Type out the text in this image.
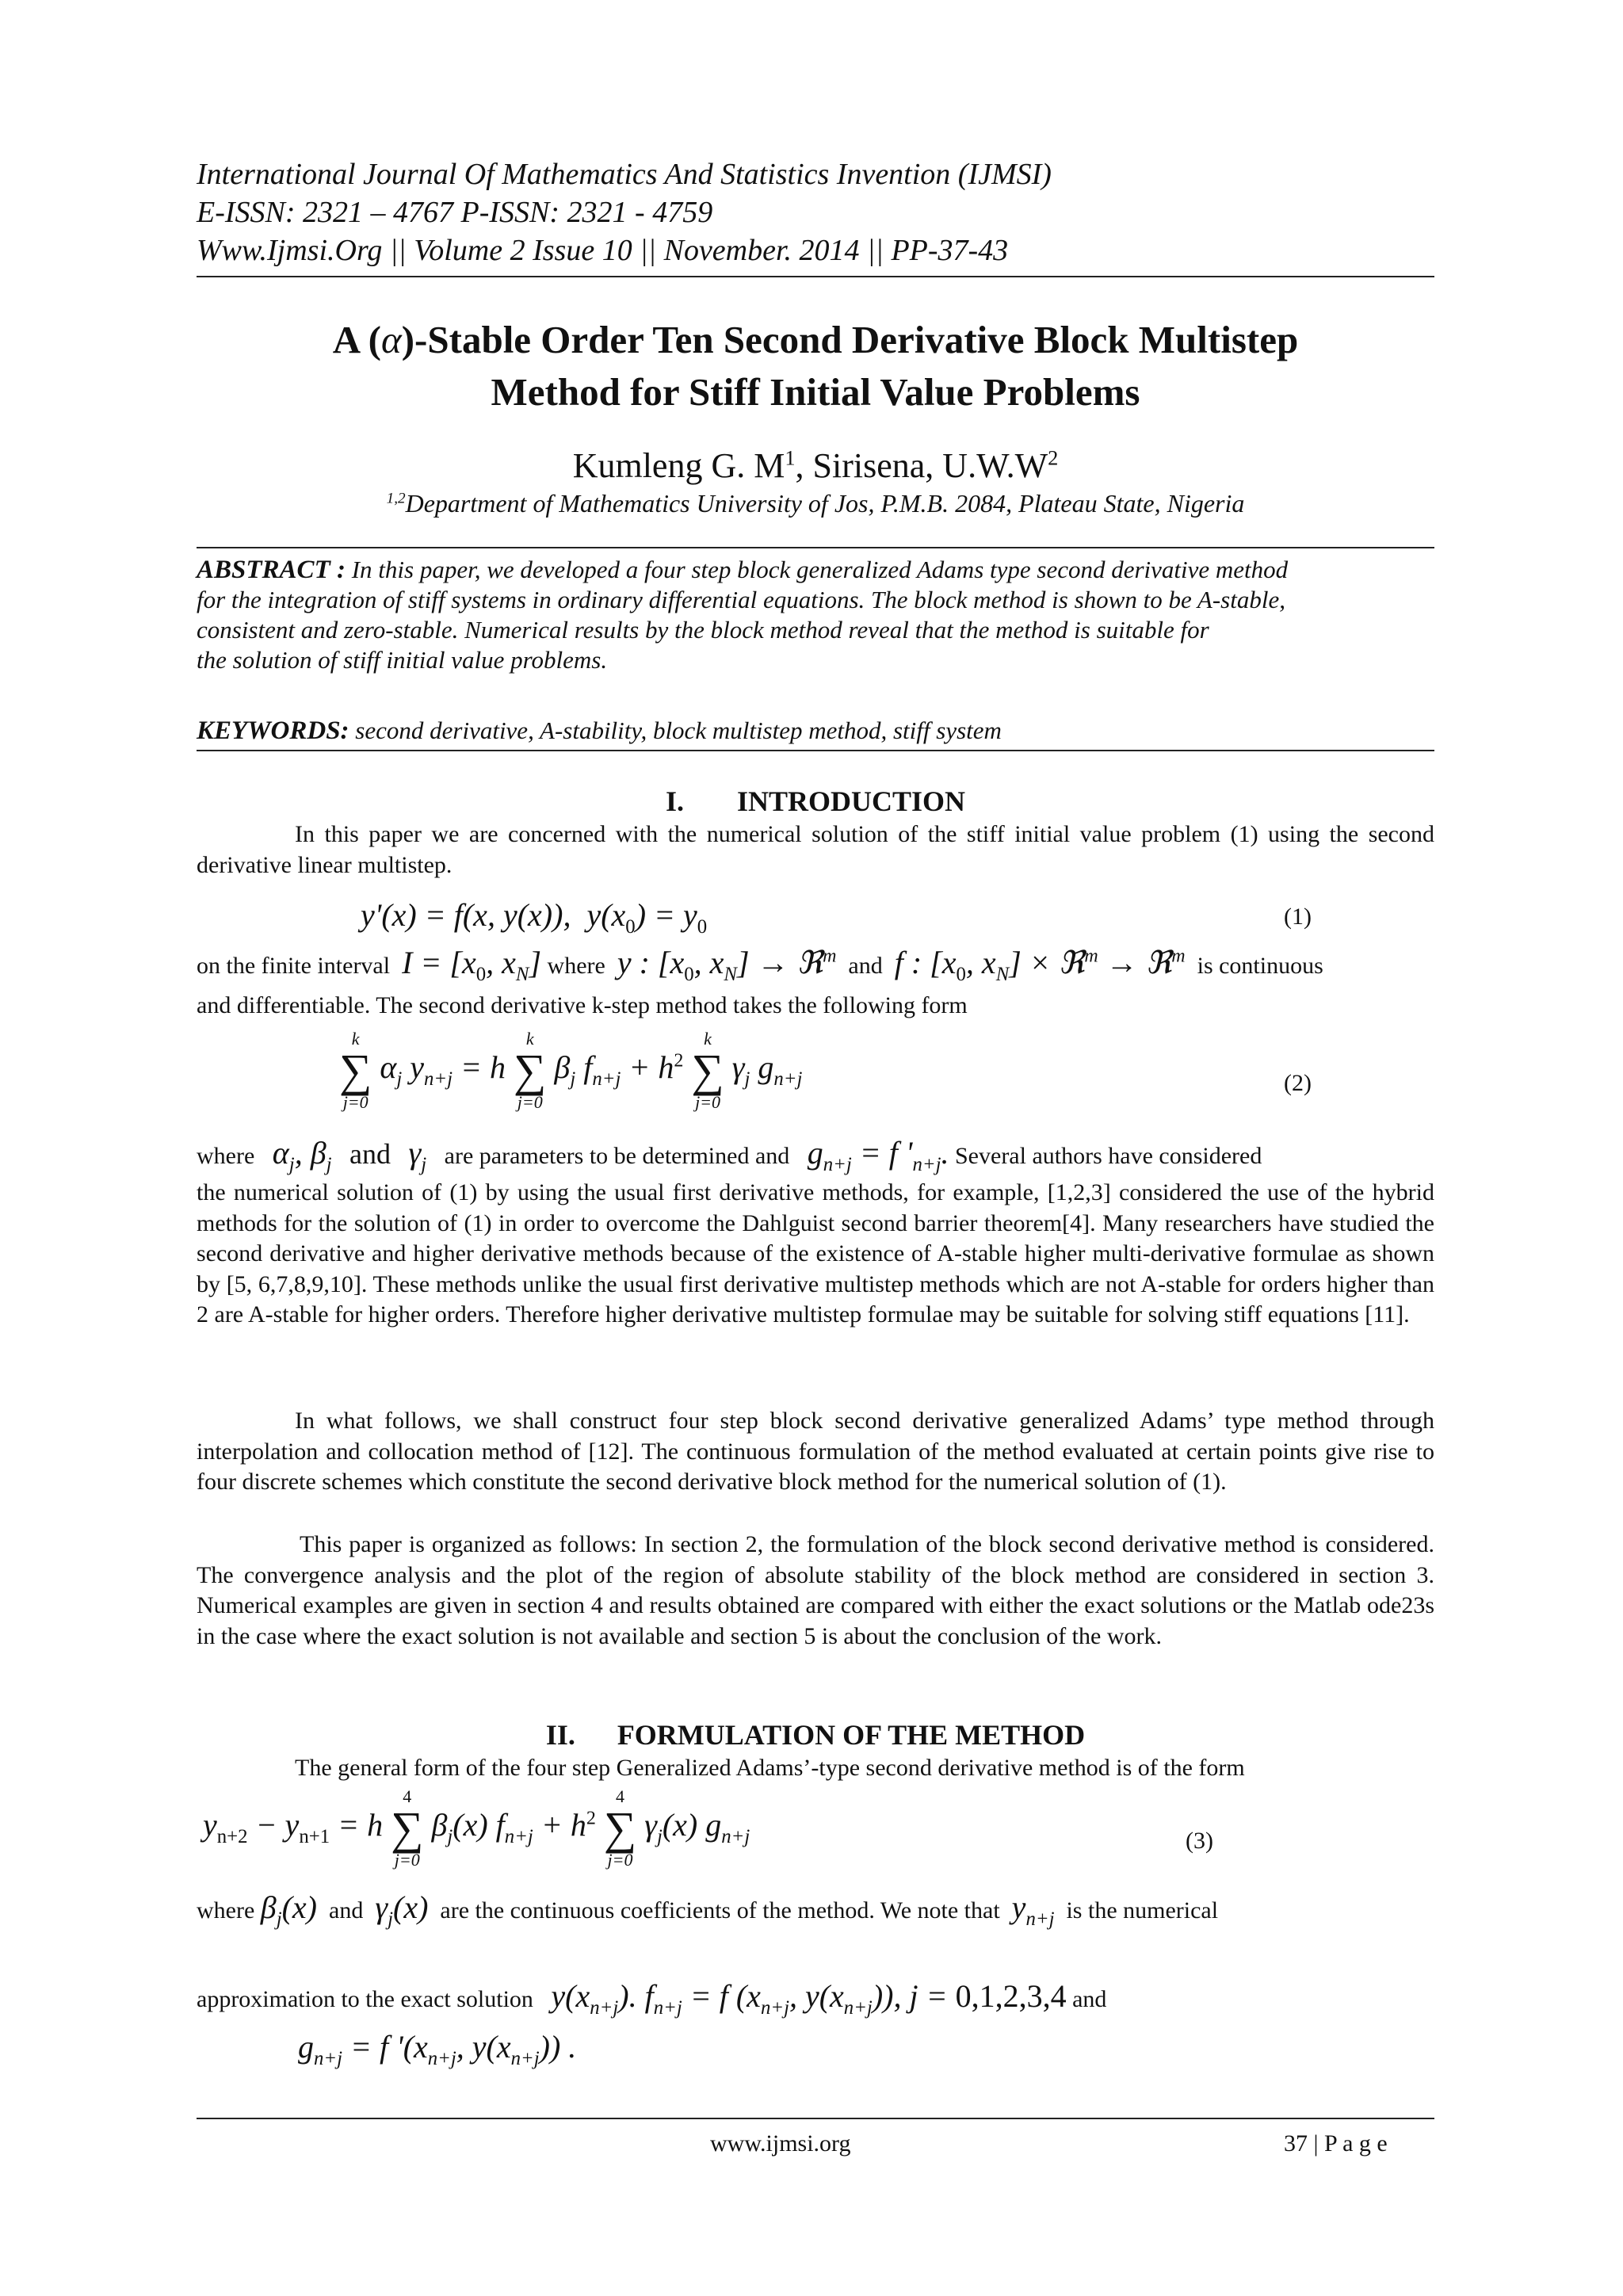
International Journal Of Mathematics And Statistics Invention (IJMSI)
E-ISSN: 2321 – 4767 P-ISSN: 2321 - 4759
Www.Ijmsi.Org || Volume 2 Issue 10 || November. 2014 || PP-37-43
A (α)-Stable Order Ten Second Derivative Block Multistep
Method for Stiff Initial Value Problems
Kumleng G. $M^1$, Sirisena, $U.W.W^2$
$^{1,2}$Department of Mathematics University of Jos, P.M.B. 2084, Plateau State, Nigeria
ABSTRACT : In this paper, we developed a four step block generalized Adams type second derivative method
for the integration of stiff systems in ordinary differential equations. The block method is shown to be A-stable,
consistent and zero-stable. Numerical results by the block method reveal that the method is suitable for
the solution of stiff initial value problems.
KEYWORDS: second derivative, A-stability, block multistep method, stiff system
I. INTRODUCTION
In this paper we are concerned with the numerical solution of the stiff initial value problem (1) using the second derivative linear multistep.
y'(x) = f(x, y(x)),  $y(x_0) = y_0$	(1)
on the finite interval $I = [x_0$, $x_N$] where y : [$x_0$, $x_N$] → ℜ$^m$ and f : [$x_0$, $x_N$] × ℜ$^m$ → ℜ$^m$ is continuous
and differentiable. The second derivative k-step method takes the following form
k
∑
j=0
$\alpha_j$ $y_{n+j} = h$
k
∑
j=0
$\beta_j$ $f_{n+j} + h^2$
k
∑
j=0
$\gamma_j$ $g_{n+j}$	(2)
where $\alpha_j$, $\beta_j$ and $\gamma_j$ are parameters to be determined and $g_{n+j} = f$ '$_{n+j}$. Several authors have considered
the numerical solution of (1) by using the usual first derivative methods, for example, [1,2,3] considered the use of the hybrid methods for the solution of (1) in order to overcome the Dahlguist second barrier theorem[4]. Many researchers have studied the second derivative and higher derivative methods because of the existence of A-stable higher multi-derivative formulae as shown by [5, 6,7,8,9,10]. These methods unlike the usual first derivative multistep methods which are not A-stable for orders higher than 2 are A-stable for higher orders. Therefore higher derivative multistep formulae may be suitable for solving stiff equations [11].
In what follows, we shall construct four step block second derivative generalized Adams’ type method through interpolation and collocation method of [12]. The continuous formulation of the method evaluated at certain points give rise to four discrete schemes which constitute the second derivative block method for the numerical solution of (1).
This paper is organized as follows: In section 2, the formulation of the block second derivative method is considered. The convergence analysis and the plot of the region of absolute stability of the block method are considered in section 3. Numerical examples are given in section 4 and results obtained are compared with either the exact solutions or the Matlab ode23s in the case where the exact solution is not available and section 5 is about the conclusion of the work.
II. FORMULATION OF THE METHOD
The general form of the four step Generalized Adams’-type second derivative method is of the form
$y_{n+2} - y_{n+1} = h$
4
∑
j=0
$\beta_j(x) f_{n+j} + h^2$
4
∑
j=0
$\gamma_j(x)$ $g_{n+j}$	(3)
where $\beta_j(x)$ and $\gamma_j(x)$ are the continuous coefficients of the method. We note that $y_{n+j}$ is the numerical
approximation to the exact solution $y(x_{n+j})$. $f_{n+j} = f$ ($x_{n+j}$, $y(x_{n+j})$), j = 0,1,2,3,4 and
$g_{n+j} = f$ '($x_{n+j}$, $y(x_{n+j})$) .
www.ijmsi.org	37 | P a g e
